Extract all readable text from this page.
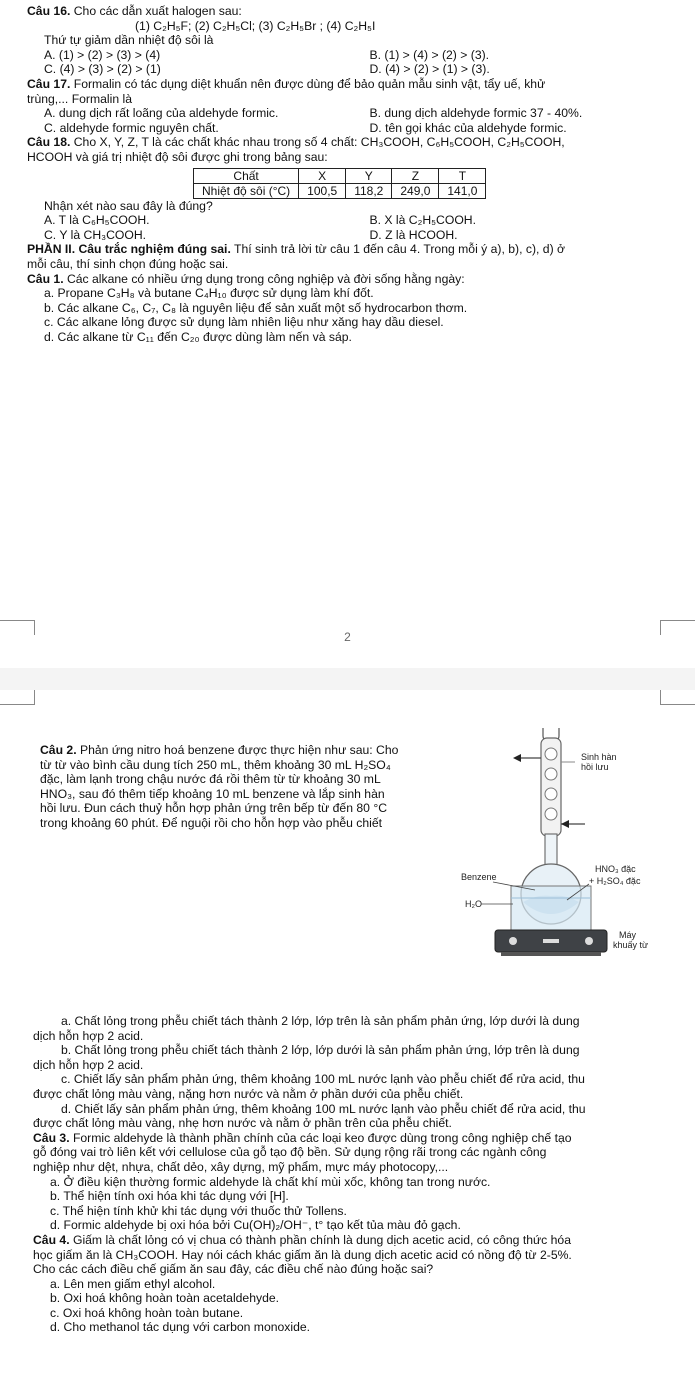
Câu 16. Cho các dẫn xuất halogen sau:
(1) C₂H₅F; (2) C₂H₅Cl; (3) C₂H₅Br ; (4) C₂H₅I
Thứ tự giảm dần nhiệt độ sôi là
A. (1) > (2) > (3) > (4)	B. (1) > (4) > (2) > (3).
C. (4) > (3) > (2) > (1)	D. (4) > (2) > (1) > (3).
Câu 17. Formalin có tác dụng diệt khuẩn nên được dùng để bảo quản mẫu sinh vật, tẩy uế, khử
trùng,... Formalin là
A. dung dịch rất loãng của aldehyde formic.	B. dung dịch aldehyde formic 37 - 40%.
C. aldehyde formic nguyên chất.	D. tên gọi khác của aldehyde formic.
Câu 18. Cho X, Y, Z, T là các chất khác nhau trong số 4 chất: CH₃COOH, C₆H₅COOH, C₂H₅COOH,
HCOOH và giá trị nhiệt độ sôi được ghi trong bảng sau:
Chất	X	Y	Z	T
Nhiệt độ sôi (°C)	100,5	118,2	249,0	141,0
Nhận xét nào sau đây là đúng?
A. T là C₆H₅COOH.	B. X là C₂H₅COOH.
C. Y là CH₃COOH.	D. Z là HCOOH.
PHẦN II. Câu trắc nghiệm đúng sai. Thí sinh trả lời từ câu 1 đến câu 4. Trong mỗi ý a), b), c), d) ở
mỗi câu, thí sinh chọn đúng hoặc sai.
Câu 1. Các alkane có nhiều ứng dụng trong công nghiệp và đời sống hằng ngày:
a. Propane C₃H₈ và butane C₄H₁₀ được sử dụng làm khí đốt.
b. Các alkane C₆, C₇, C₈ là nguyên liệu để sản xuất một số hydrocarbon thơm.
c. Các alkane lỏng được sử dụng làm nhiên liệu như xăng hay dầu diesel.
d. Các alkane từ C₁₁ đến C₂₀ được dùng làm nến và sáp.
2
Câu 2. Phản ứng nitro hoá benzene được thực hiện như sau: Cho
từ từ vào bình cầu dung tích 250 mL, thêm khoảng 30 mL H₂SO₄
đặc, làm lạnh trong chậu nước đá rồi thêm từ từ khoảng 30 mL
HNO₃, sau đó thêm tiếp khoảng 10 mL benzene và lắp sinh hàn
hồi lưu. Đun cách thuỷ hỗn hợp phản ứng trên bếp từ đến 80 °C
trong khoảng 60 phút. Để nguội rồi cho hỗn hợp vào phễu chiết
Sinh hàn
hồi lưu
Benzene
H₂O
HNO₃ đặc
+ H₂SO₄ đặc
Máy
khuấy từ
a. Chất lỏng trong phễu chiết tách thành 2 lớp, lớp trên là sản phẩm phản ứng, lớp dưới là dung
dịch hỗn hợp 2 acid.
b. Chất lỏng trong phễu chiết tách thành 2 lớp, lớp dưới là sản phẩm phản ứng, lớp trên là dung
dịch hỗn hợp 2 acid.
c. Chiết lấy sản phẩm phản ứng, thêm khoảng 100 mL nước lạnh vào phễu chiết để rửa acid, thu
được chất lỏng màu vàng, nặng hơn nước và nằm ở phần dưới của phễu chiết.
d. Chiết lấy sản phẩm phản ứng, thêm khoảng 100 mL nước lạnh vào phễu chiết để rửa acid, thu
được chất lỏng màu vàng, nhẹ hơn nước và nằm ở phần trên của phễu chiết.
Câu 3. Formic aldehyde là thành phần chính của các loại keo được dùng trong công nghiệp chế tạo
gỗ đóng vai trò liên kết với cellulose của gỗ tạo độ bền. Sử dụng rộng rãi trong các ngành công
nghiệp như dệt, nhựa, chất dẻo, xây dựng, mỹ phẩm, mực máy photocopy,...
a. Ở điều kiện thường formic aldehyde là chất khí mùi xốc, không tan trong nước.
b. Thể hiện tính oxi hóa khi tác dụng với [H].
c. Thể hiện tính khử khi tác dụng với thuốc thử Tollens.
d. Formic aldehyde bị oxi hóa bởi Cu(OH)₂/OH⁻, t° tạo kết tủa màu đỏ gạch.
Câu 4. Giấm là chất lỏng có vị chua có thành phần chính là dung dịch acetic acid, có công thức hóa
học giấm ăn là CH₃COOH. Hay nói cách khác giấm ăn là dung dịch acetic acid có nồng độ từ 2-5%.
Cho các cách điều chế giấm ăn sau đây, các điều chế nào đúng hoặc sai?
a. Lên men giấm ethyl alcohol.
b. Oxi hoá không hoàn toàn acetaldehyde.
c. Oxi hoá không hoàn toàn butane.
d. Cho methanol tác dụng với carbon monoxide.
